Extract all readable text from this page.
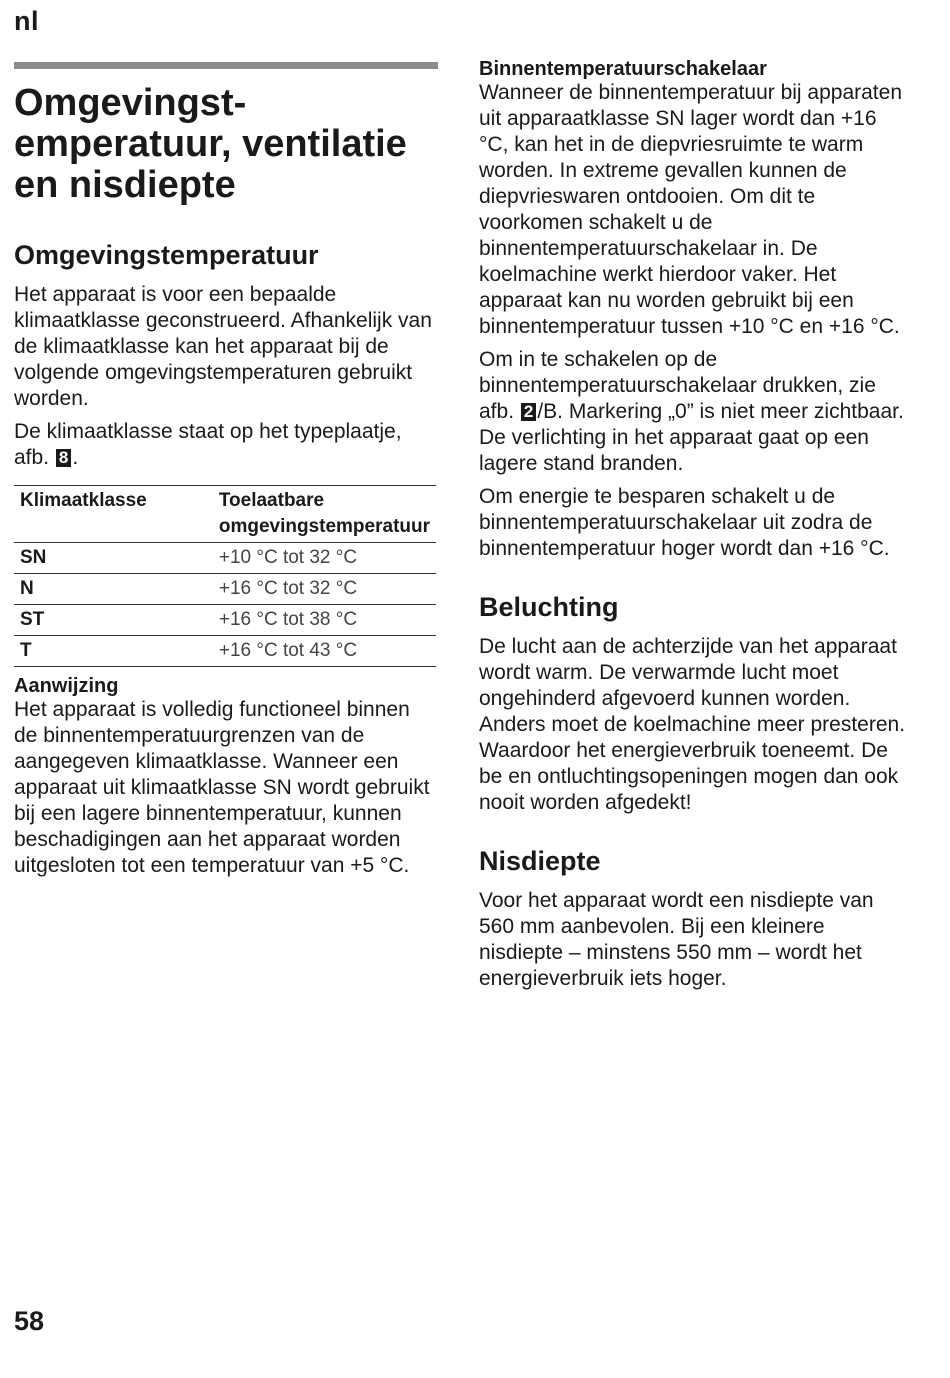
nl
Omgevingst-
emperatuur, ventilatie
en nisdiepte
Omgevingstemperatuur

Het apparaat is voor een bepaalde klimaatklasse geconstrueerd. Afhankelijk van de klimaatklasse kan het apparaat bij de volgende omgevingstemperaturen gebruikt worden.

De klimaatklasse staat op het typeplaatje, afb. 8 .

Klimaatklasse	Toelaatbare omgevingstemperatuur
SN	+10 °C tot 32 °C
N	+16 °C tot 32 °C
ST	+16 °C tot 38 °C
T	+16 °C tot 43 °C
Aanwijzing

Het apparaat is volledig functioneel binnen de binnentemperatuurgrenzen van de aangegeven klimaatklasse. Wanneer een apparaat uit klimaatklasse SN wordt gebruikt bij een lagere binnentemperatuur, kunnen beschadigingen aan het apparaat worden uitgesloten tot een temperatuur van +5 °C.

Binnentemperatuurschakelaar

Wanneer de binnentemperatuur bij apparaten uit apparaatklasse SN lager wordt dan +16 °C, kan het in de diepvriesruimte te warm worden. In extreme gevallen kunnen de diepvrieswaren ontdooien. Om dit te voorkomen schakelt u de binnentemperatuurschakelaar in. De koelmachine werkt hierdoor vaker. Het apparaat kan nu worden gebruikt bij een binnentemperatuur tussen +10 °C en +16 °C.

Om in te schakelen op de binnentemperatuurschakelaar drukken, zie afb. 2 /B. Markering „0” is niet meer zichtbaar. De verlichting in het apparaat gaat op een lagere stand branden.

Om energie te besparen schakelt u de binnentemperatuurschakelaar uit zodra de binnentemperatuur hoger wordt dan +16 °C.

Beluchting

De lucht aan de achterzijde van het apparaat wordt warm. De verwarmde lucht moet ongehinderd afgevoerd kunnen worden. Anders moet de koelmachine meer presteren. Waardoor het energieverbruik toeneemt. De be en ontluchtingsopeningen mogen dan ook nooit worden afgedekt!

Nisdiepte

Voor het apparaat wordt een nisdiepte van 560 mm aanbevolen. Bij een kleinere nisdiepte – minstens 550 mm – wordt het energieverbruik iets hoger.

58
